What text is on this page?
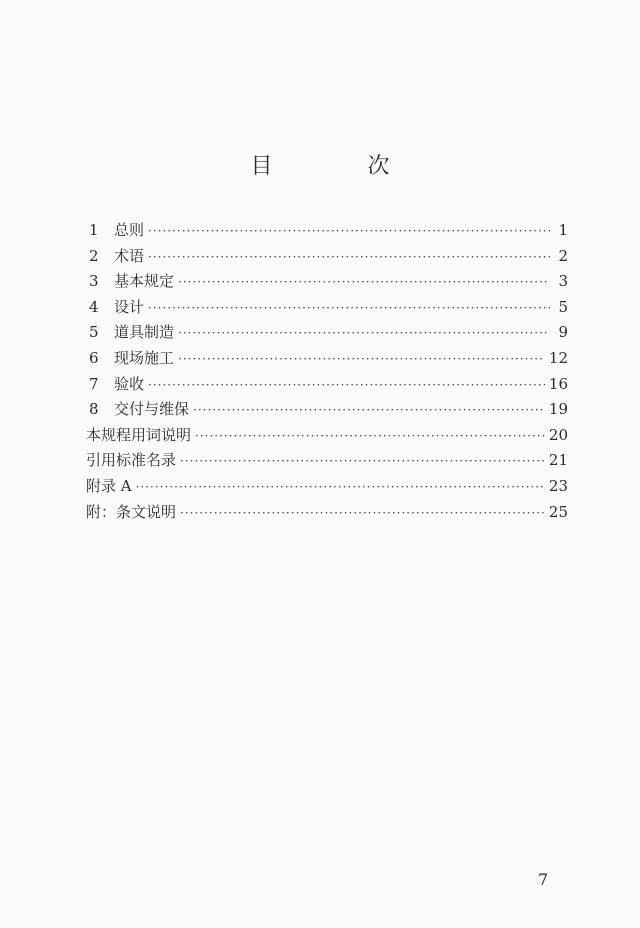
目 次
1	总则 ·····	1
2	术语 ·····	2
3	基本规定 ·····	3
4	设计 ·····	5
5	道具制造 ·····	9
6	现场施工 ·····	12
7	验收 ·····	16
8	交付与维保 ·····	19
本规程用词说明 ·····	20
引用标准名录 ·····	21
附录 A ·····	23
附：条文说明 ·····	25
7
